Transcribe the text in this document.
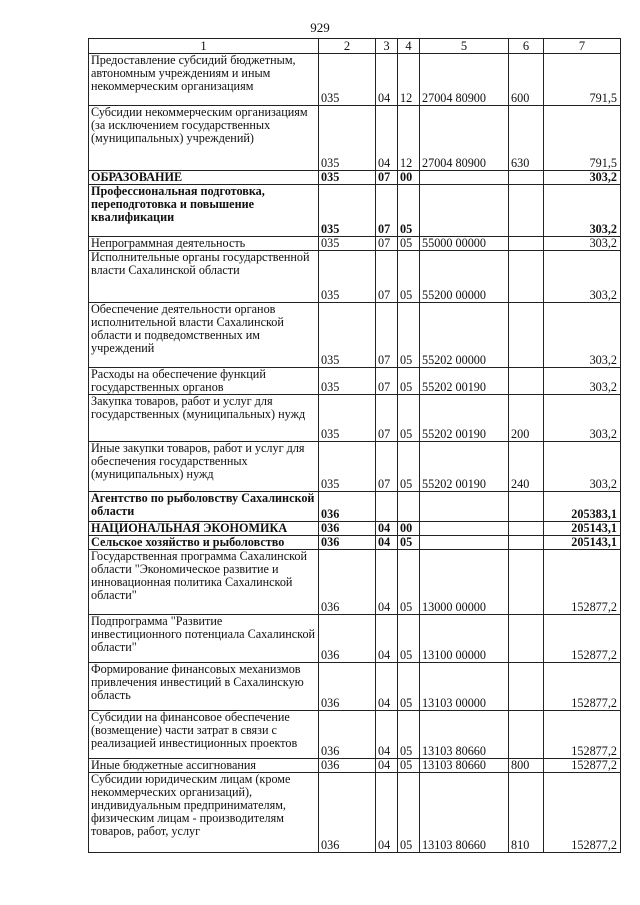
929
1	2	3	4	5	6	7
Предоставление субсидий бюджетным, автономным учреждениям и иным некоммерческим организациям	035	04	12	27004 80900	600	791,5
Субсидии некоммерческим организациям (за исключением государственных (муниципальных) учреждений)	035	04	12	27004 80900	630	791,5
ОБРАЗОВАНИЕ	035	07	00			303,2
Профессиональная подготовка, переподготовка и повышение квалификации	035	07	05			303,2
Непрограммная деятельность	035	07	05	55000 00000		303,2
Исполнительные органы государственной власти Сахалинской области	035	07	05	55200 00000		303,2
Обеспечение деятельности органов исполнительной власти Сахалинской области и подведомственных им учреждений	035	07	05	55202 00000		303,2
Расходы на обеспечение функций государственных органов	035	07	05	55202 00190		303,2
Закупка товаров, работ и услуг для государственных (муниципальных) нужд	035	07	05	55202 00190	200	303,2
Иные закупки товаров, работ и услуг для обеспечения государственных (муниципальных) нужд	035	07	05	55202 00190	240	303,2
Агентство по рыболовству Сахалинской области	036					205383,1
НАЦИОНАЛЬНАЯ ЭКОНОМИКА	036	04	00			205143,1
Сельское хозяйство и рыболовство	036	04	05			205143,1
Государственная программа Сахалинской области "Экономическое развитие и инновационная политика Сахалинской области"	036	04	05	13000 00000		152877,2
Подпрограмма "Развитие инвестиционного потенциала Сахалинской области"	036	04	05	13100 00000		152877,2
Формирование финансовых механизмов привлечения инвестиций в Сахалинскую область	036	04	05	13103 00000		152877,2
Субсидии на финансовое обеспечение (возмещение) части затрат в связи с реализацией инвестиционных проектов	036	04	05	13103 80660		152877,2
Иные бюджетные ассигнования	036	04	05	13103 80660	800	152877,2
Субсидии юридическим лицам (кроме некоммерческих организаций), индивидуальным предпринимателям, физическим лицам - производителям товаров, работ, услуг	036	04	05	13103 80660	810	152877,2
